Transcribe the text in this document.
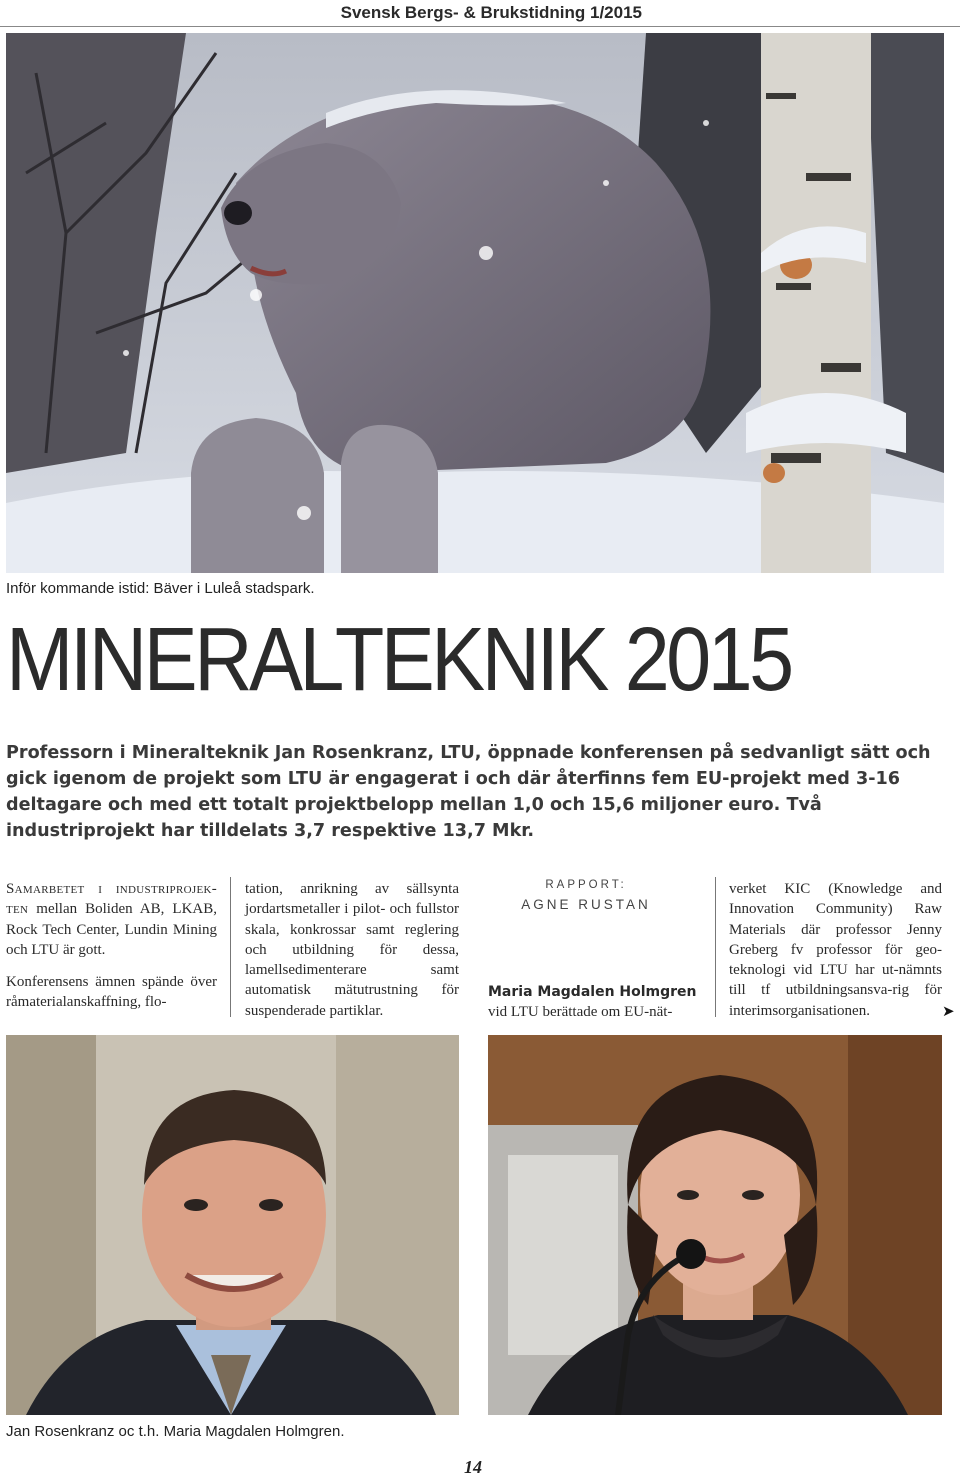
Svensk Bergs- & Brukstidning 1/2015
Inför kommande istid: Bäver i Luleå stadspark.
MINERALTEKNIK 2015
Professorn i Mineralteknik Jan Rosenkranz, LTU, öppnade konferensen på sedvanligt sätt och gick igenom de projekt som LTU är engagerat i och där återfinns fem EU-projekt med 3-16 deltagare och med ett totalt projektbelopp mellan 1,0 och 15,6 miljoner euro. Två industriprojekt har tilldelats 3,7 respektive 13,7 Mkr.

Samarbetet i industriprojek-ten mellan Boliden AB, LKAB, Rock Tech Center, Lundin Mining och LTU är gott.

Konferensens ämnen spände över råmaterialanskaffning, flo-

tation, anrikning av sällsynta jordartsmetaller i pilot- och fullstor skala, konkrossar samt reglering och utbildning för dessa, lamellsedimenterare samt automatisk mätutrustning för suspenderade partiklar.

RAPPORT:
AGNE RUSTAN
Maria Magdalen Holmgren
vid LTU berättade om EU-nät-

verket KIC (Knowledge and Innovation Community) Raw Materials där professor Jenny Greberg fv professor för geo-teknologi vid LTU har ut-nämnts till tf utbildningsansva-rig för interimsorganisationen.	➤
Jan Rosenkranz oc t.h. Maria Magdalen Holmgren.
14
